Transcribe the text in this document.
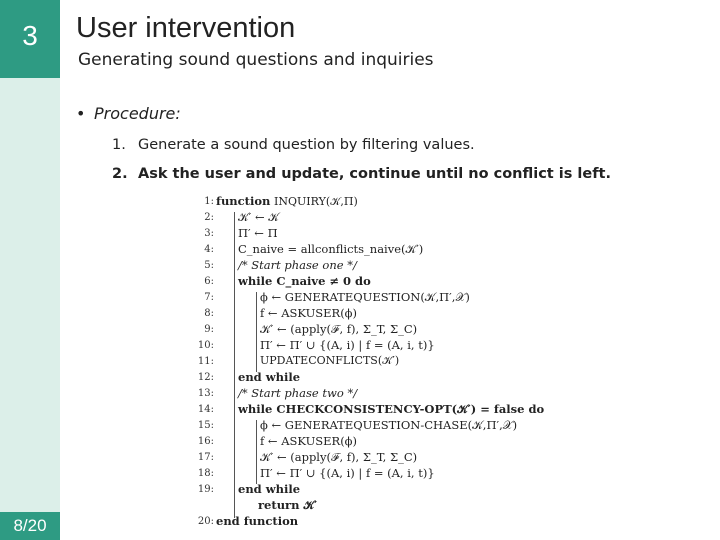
3
8/20
User intervention
Generating sound questions and inquiries
• Procedure:
1. Generate a sound question by filtering values.
2. Ask the user and update, continue until no conflict is left.
1: function INQUIRY(𝒦,Π)
2: 𝒦′ ← 𝒦
3: Π′ ← Π
4: C_naive = allconflicts_naive(𝒦′)
5: /* Start phase one */
6: while C_naive ≠ 0 do
7:	ϕ ← GENERATEQUESTION(𝒦,Π′,𝒳)
8:	f ← ASKUSER(ϕ)
9:	𝒦′ ← (apply(ℱ, f), Σ_T, Σ_C)
10:	Π′ ← Π′ ∪ {(A, i) | f = (A, i, t)}
11:	UPDATECONFLICTS(𝒦′)
12: end while
13: /* Start phase two */
14: while CHECKCONSISTENCY-OPT(𝒦′) = false do
15:	ϕ ← GENERATEQUESTION-CHASE(𝒦,Π′,𝒳)
16:	f ← ASKUSER(ϕ)
17:	𝒦′ ← (apply(ℱ, f), Σ_T, Σ_C)
18:	Π′ ← Π′ ∪ {(A, i) | f = (A, i, t)}
19: end while
return 𝒦′
20: end function
